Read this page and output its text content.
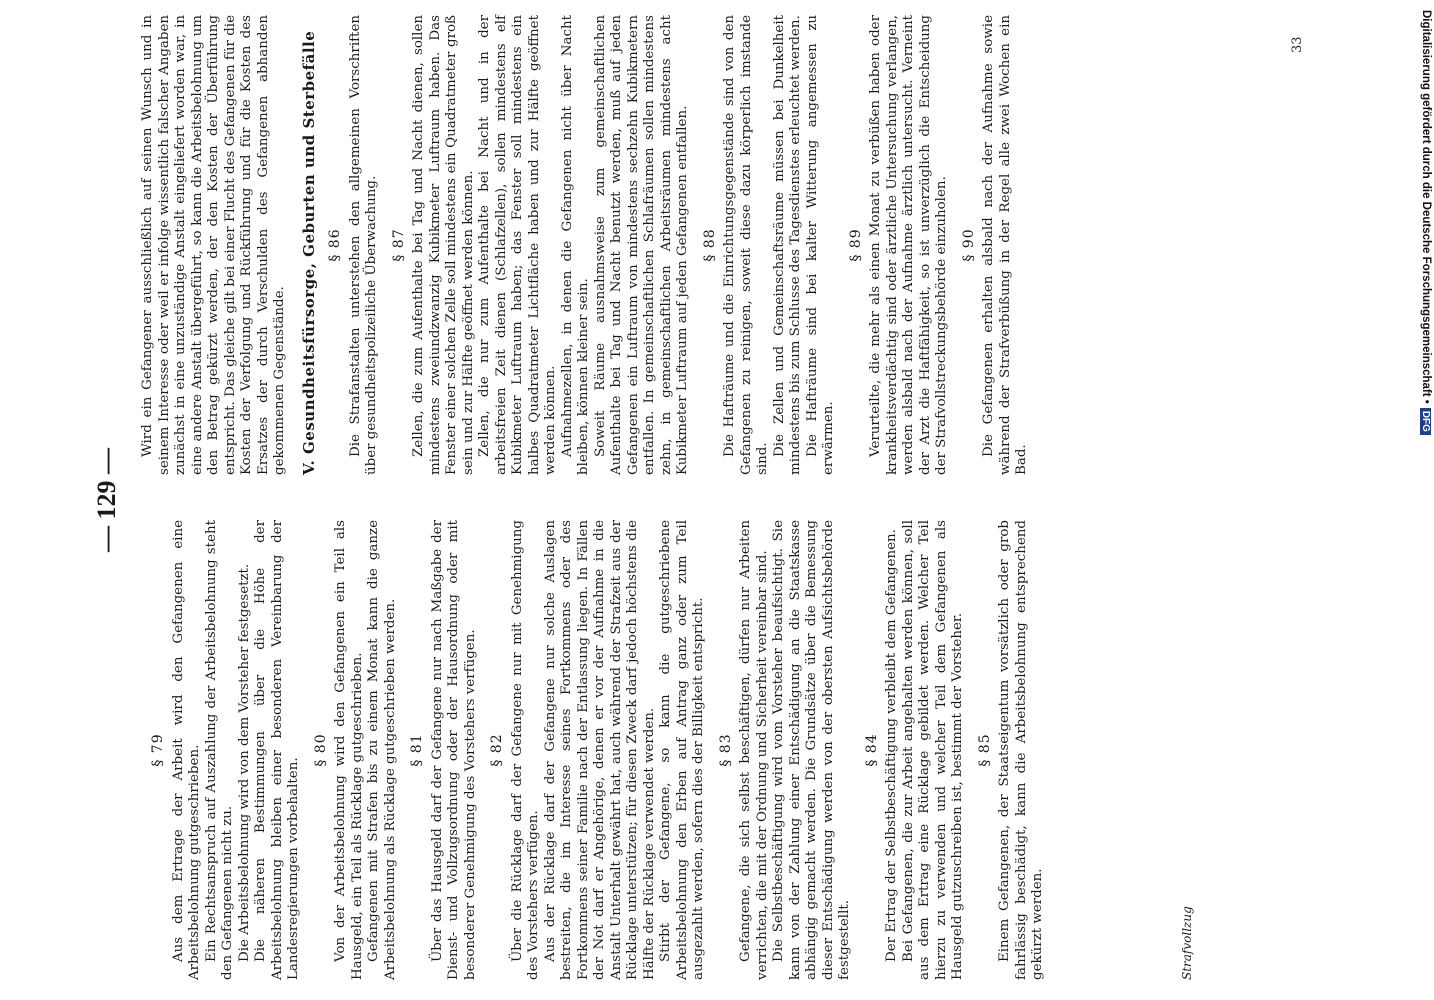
— 129 —
§ 79 Aus dem Ertrage der Arbeit wird den Gefangenen eine Arbeitsbelohnung gutgeschrieben. Ein Rechtsanspruch auf Auszahlung der Arbeitsbelohnung steht den Gefangenen nicht zu. Die Arbeitsbelohnung wird von dem Vorsteher festgesetzt. Die näheren Bestimmungen über die Höhe der Arbeitsbelohnung bleiben einer besonderen Vereinbarung der Landesregierungen vorbehalten.

§ 80 Von der Arbeitsbelohnung wird den Gefangenen ein Teil als Hausgeld, ein Teil als Rücklage gutgeschrieben. Gefangenen mit Strafen bis zu einem Monat kann die ganze Arbeitsbelohnung als Rücklage gutgeschrieben werden. § 81 Über das Hausgeld darf der Gefangene nur nach Maßgabe der Dienst- und Vollzugsordnung oder der Hausordnung oder mit besonderer Genehmigung des Vorstehers verfügen. § 82 Über die Rücklage darf der Gefangene nur mit Genehmigung des Vorstehers verfügen. Aus der Rücklage darf der Gefangene nur solche Auslagen bestreiten, die im Interesse seines Fortkommens oder des Fortkommens seiner Familie nach der Entlassung liegen. In Fällen der Not darf er Angehörige, denen er vor der Aufnahme in die Anstalt Unterhalt gewährt hat, auch während der Strafzeit aus der Rücklage unterstützen; für diesen Zweck darf jedoch höchstens die Hälfte der Rücklage verwendet werden. Stirbt der Gefangene, so kann die gutgeschriebene Arbeitsbelohnung den Erben auf Antrag ganz oder zum Teil ausgezahlt werden, sofern dies der Billigkeit entspricht. § 83 Gefangene, die sich selbst beschäftigen, dürfen nur Arbeiten verrichten, die mit der Ordnung und Sicherheit vereinbar sind. Die Selbstbeschäftigung wird vom Vorsteher beaufsichtigt. Sie kann von der Zahlung einer Entschädigung an die Staatskasse abhängig gemacht werden. Die Grundsätze über die Bemessung dieser Entschädigung werden von der obersten Aufsichtsbehörde festgestellt.

§ 84 Der Ertrag der Selbstbeschäftigung verbleibt dem Gefangenen. Bei Gefangenen, die zur Arbeit angehalten werden können, soll aus dem Ertrag eine Rücklage gebildet werden. Welcher Teil hierzu zu verwenden und welcher Teil dem Gefangenen als Hausgeld gutzuschreiben ist, bestimmt der Vorsteher. § 85 Einem Gefangenen, der Staatseigentum vorsätzlich oder grob fahrlässig beschädigt, kann die Arbeitsbelohnung entsprechend gekürzt werden.

Wird ein Gefangener ausschließlich auf seinen Wunsch und in seinem Interesse oder weil er infolge wissentlich falscher Angaben zunächst in eine unzuständige Anstalt eingeliefert worden war, in eine andere Anstalt übergeführt, so kann die Arbeitsbelohnung um den Betrag gekürzt werden, der den Kosten der Überführung entspricht. Das gleiche gilt bei einer Flucht des Gefangenen für die Kosten der Verfolgung und Rückführung und für die Kosten des Ersatzes der durch Verschulden des Gefangenen abhanden gekommenen Gegenstände. V. Gesundheitsfürsorge, Geburten und Sterbefälle § 86 Die Strafanstalten unterstehen den allgemeinen Vorschriften über gesundheitspolizeiliche Überwachung. § 87 Zellen, die zum Aufenthalte bei Tag und Nacht dienen, sollen mindestens zweiundzwanzig Kubikmeter Luftraum haben. Das Fenster einer solchen Zelle soll mindestens ein Quadratmeter groß sein und zur Hälfte geöffnet werden können. Zellen, die nur zum Aufenthalte bei Nacht und in der arbeitsfreien Zeit dienen (Schlafzellen), sollen mindestens elf Kubikmeter Luftraum haben; das Fenster soll mindestens ein halbes Quadratmeter Lichtfläche haben und zur Hälfte geöffnet werden können. Aufnahmezellen, in denen die Gefangenen nicht über Nacht bleiben, können kleiner sein. Soweit Räume ausnahmsweise zum gemeinschaftlichen Aufenthalte bei Tag und Nacht benutzt werden, muß auf jeden Gefangenen ein Luftraum von mindestens sechzehn Kubikmetern entfallen. In gemeinschaftlichen Schlafräumen sollen mindestens zehn, in gemeinschaftlichen Arbeitsräumen mindestens acht Kubikmeter Luftraum auf jeden Gefangenen entfallen. § 88 Die Hafträume und die Einrichtungsgegenstände sind von den Gefangenen zu reinigen, soweit diese dazu körperlich imstande sind.

Die Zellen und Gemeinschaftsräume müssen bei Dunkelheit mindestens bis zum Schlusse des Tagesdienstes erleuchtet werden. Die Hafträume sind bei kalter Witterung angemessen zu erwärmen.

§ 89 Verurteilte, die mehr als einen Monat zu verbüßen haben oder krankheitsverdächtig sind oder ärztliche Untersuchung verlangen, werden alsbald nach der Aufnahme ärztlich untersucht. Verneint der Arzt die Haftfähigkeit, so ist unverzüglich die Entscheidung der Strafvollstreckungsbehörde einzuholen. § 90 Die Gefangenen erhalten alsbald nach der Aufnahme sowie während der Strafverbüßung in der Regel alle zwei Wochen ein Bad.

Strafvollzug
33	Digitalisierung gefördert durch die Deutsche Forschungsgemeinschaft •DFG
